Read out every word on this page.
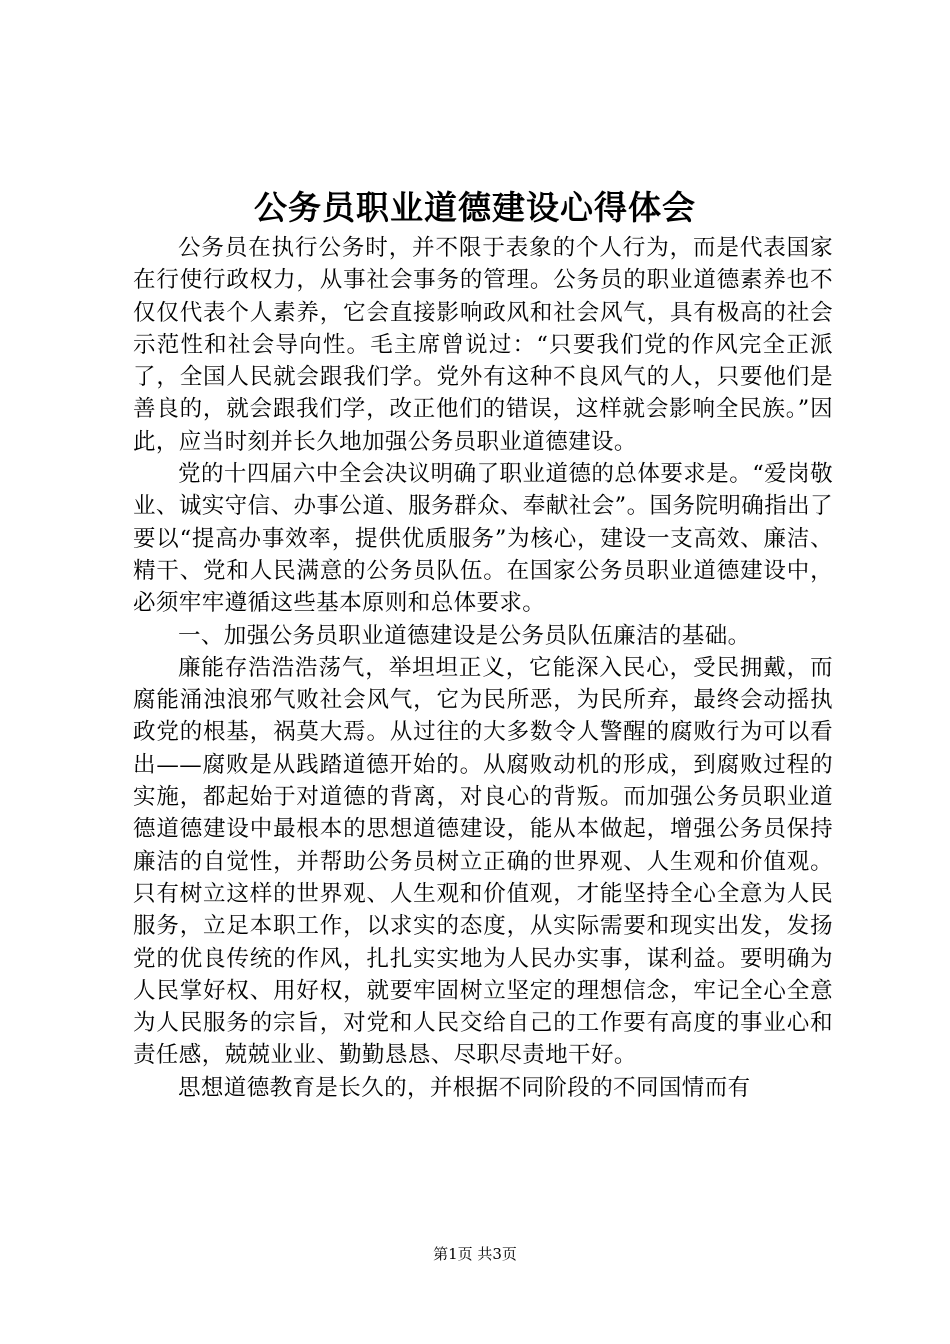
公务员职业道德建设心得体会

公务员在执行公务时，并不限于表象的个人行为，而是代表国家在行使行政权力，从事社会事务的管理。公务员的职业道德素养也不仅仅代表个人素养，它会直接影响政风和社会风气，具有极高的社会示范性和社会导向性。毛主席曾说过：“只要我们党的作风完全正派了，全国人民就会跟我们学。党外有这种不良风气的人，只要他们是善良的，就会跟我们学，改正他们的错误，这样就会影响全民族。”因此，应当时刻并长久地加强公务员职业道德建设。

党的十四届六中全会决议明确了职业道德的总体要求是。“爱岗敬业、诚实守信、办事公道、服务群众、奉献社会”。国务院明确指出了要以“提高办事效率，提供优质服务”为核心，建设一支高效、廉洁、精干、党和人民满意的公务员队伍。在国家公务员职业道德建设中，必须牢牢遵循这些基本原则和总体要求。

一、加强公务员职业道德建设是公务员队伍廉洁的基础。

廉能存浩浩浩荡气，举坦坦正义，它能深入民心，受民拥戴，而腐能涌浊浪邪气败社会风气，它为民所恶，为民所弃，最终会动摇执政党的根基，祸莫大焉。从过往的大多数令人警醒的腐败行为可以看出——腐败是从践踏道德开始的。从腐败动机的形成，到腐败过程的实施，都起始于对道德的背离，对良心的背叛。而加强公务员职业道德道德建设中最根本的思想道德建设，能从本做起，增强公务员保持廉洁的自觉性，并帮助公务员树立正确的世界观、人生观和价值观。只有树立这样的世界观、人生观和价值观，才能坚持全心全意为人民服务，立足本职工作，以求实的态度，从实际需要和现实出发，发扬党的优良传统的作风，扎扎实实地为人民办实事，谋利益。要明确为人民掌好权、用好权，就要牢固树立坚定的理想信念，牢记全心全意为人民服务的宗旨，对党和人民交给自己的工作要有高度的事业心和责任感，兢兢业业、勤勤恳恳、尽职尽责地干好。

思想道德教育是长久的，并根据不同阶段的不同国情而有

第1页 共3页
